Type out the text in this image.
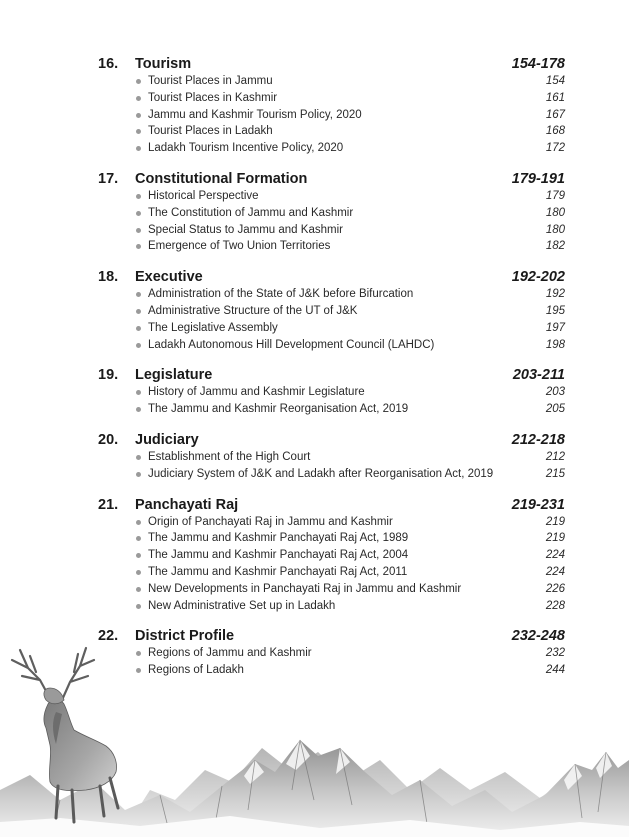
16.	Tourism	154-178
Tourist Places in Jammu	154
Tourist Places in Kashmir	161
Jammu and Kashmir Tourism Policy, 2020	167
Tourist Places in Ladakh	168
Ladakh Tourism Incentive Policy, 2020	172
17.	Constitutional Formation	179-191
Historical Perspective	179
The Constitution of Jammu and Kashmir	180
Special Status to Jammu and Kashmir	180
Emergence of Two Union Territories	182
18.	Executive	192-202
Administration of the State of J&K before Bifurcation	192
Administrative Structure of the UT of J&K	195
The Legislative Assembly	197
Ladakh Autonomous Hill Development Council (LAHDC)	198
19.	Legislature	203-211
History of Jammu and Kashmir Legislature	203
The Jammu and Kashmir Reorganisation Act, 2019	205
20.	Judiciary	212-218
Establishment of the High Court	212
Judiciary System of J&K and Ladakh after Reorganisation Act, 2019	215
21.	Panchayati Raj	219-231
Origin of Panchayati Raj in Jammu and Kashmir	219
The Jammu and Kashmir Panchayati Raj Act, 1989	219
The Jammu and Kashmir Panchayati Raj Act, 2004	224
The Jammu and Kashmir Panchayati Raj Act, 2011	224
New Developments in Panchayati Raj in Jammu and Kashmir	226
New Administrative Set up in Ladakh	228
22.	District Profile	232-248
Regions of Jammu and Kashmir	232
Regions of Ladakh	244
